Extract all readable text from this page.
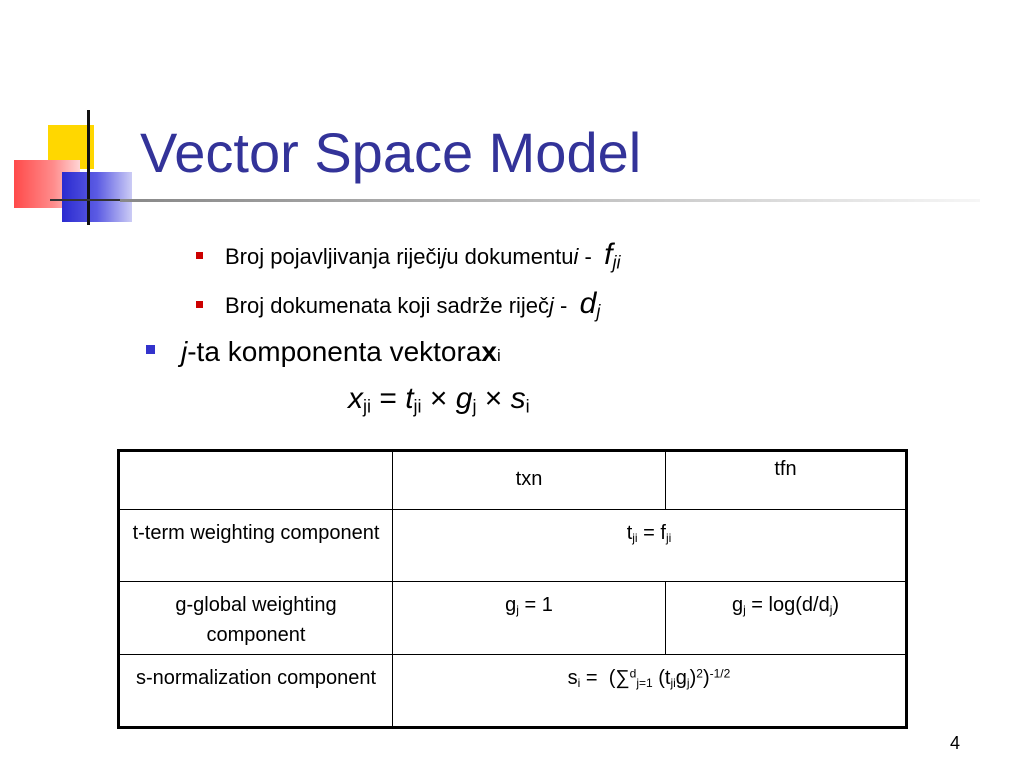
Vector Space Model
Broj pojavljivanja riječi j u dokumentu i -
$f_{ji}$
Broj dokumenata koji sadrže riječ j -
$d_j$
j -ta komponenta vektora x i
$x_{ji} = t_{ji} \times g_j \times s_i$
	txn	tfn
t-term weighting component	$t_{ji} = f_{ji}$
g-global weighting component	$g_j = 1$	$g_j = \log(d/d_j)$
s-normalization component	$s_i = (\sum^d_{j=1}$ $(t_{ji}g_j)^2)^{-1/2}$
4
